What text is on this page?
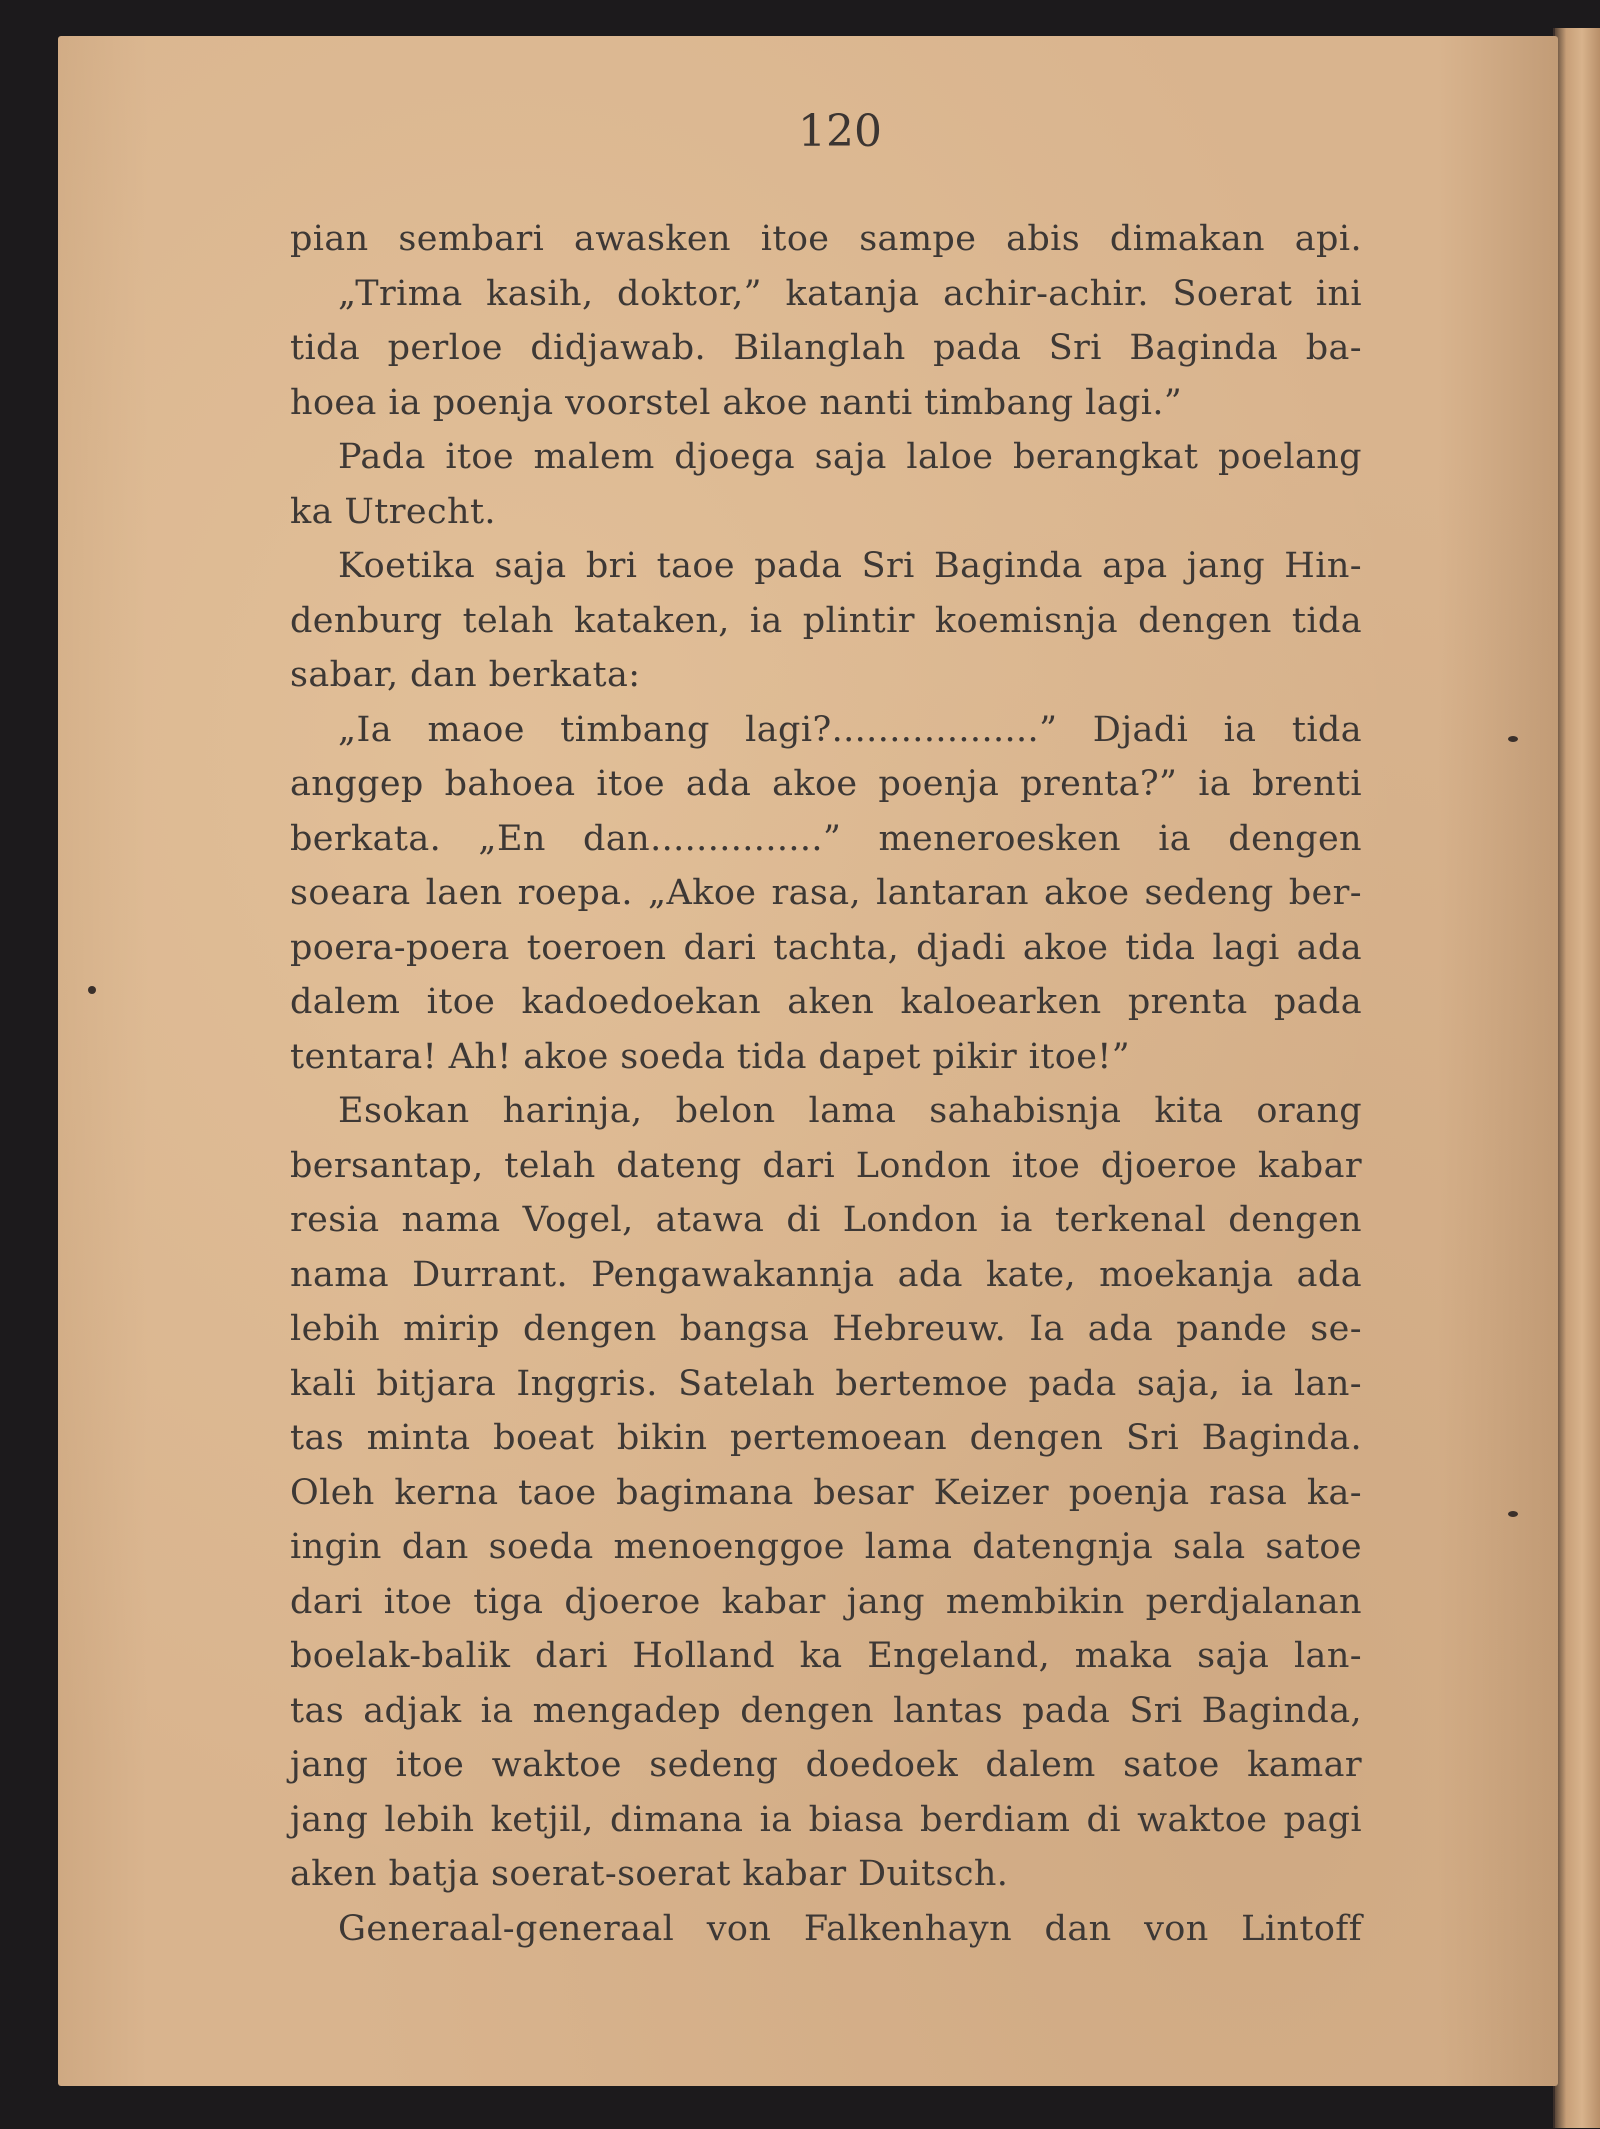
120
pian sembari awasken itoe sampe abis dimakan api.
„Trima kasih, doktor,” katanja achir-achir. Soerat ini
tida perloe didjawab. Bilanglah pada Sri Baginda ba-
hoea ia poenja voorstel akoe nanti timbang lagi.”
Pada itoe malem djoega saja laloe berangkat poelang
ka Utrecht.
Koetika saja bri taoe pada Sri Baginda apa jang Hin-
denburg telah kataken, ia plintir koemisnja dengen tida
sabar, dan berkata:
„Ia maoe timbang lagi?..................” Djadi ia tida
anggep bahoea itoe ada akoe poenja prenta?” ia brenti
berkata. „En dan...............” meneroesken ia dengen
soeara laen roepa. „Akoe rasa, lantaran akoe sedeng ber-
poera-poera toeroen dari tachta, djadi akoe tida lagi ada
dalem itoe kadoedoekan aken kaloearken prenta pada
tentara! Ah! akoe soeda tida dapet pikir itoe!”
Esokan harinja, belon lama sahabisnja kita orang
bersantap, telah dateng dari London itoe djoeroe kabar
resia nama Vogel, atawa di London ia terkenal dengen
nama Durrant. Pengawakannja ada kate, moekanja ada
lebih mirip dengen bangsa Hebreuw. Ia ada pande se-
kali bitjara Inggris. Satelah bertemoe pada saja, ia lan-
tas minta boeat bikin pertemoean dengen Sri Baginda.
Oleh kerna taoe bagimana besar Keizer poenja rasa ka-
ingin dan soeda menoenggoe lama datengnja sala satoe
dari itoe tiga djoeroe kabar jang membikin perdjalanan
boelak-balik dari Holland ka Engeland, maka saja lan-
tas adjak ia mengadep dengen lantas pada Sri Baginda,
jang itoe waktoe sedeng doedoek dalem satoe kamar
jang lebih ketjil, dimana ia biasa berdiam di waktoe pagi
aken batja soerat-soerat kabar Duitsch.
Generaal-generaal von Falkenhayn dan von Lintoff
